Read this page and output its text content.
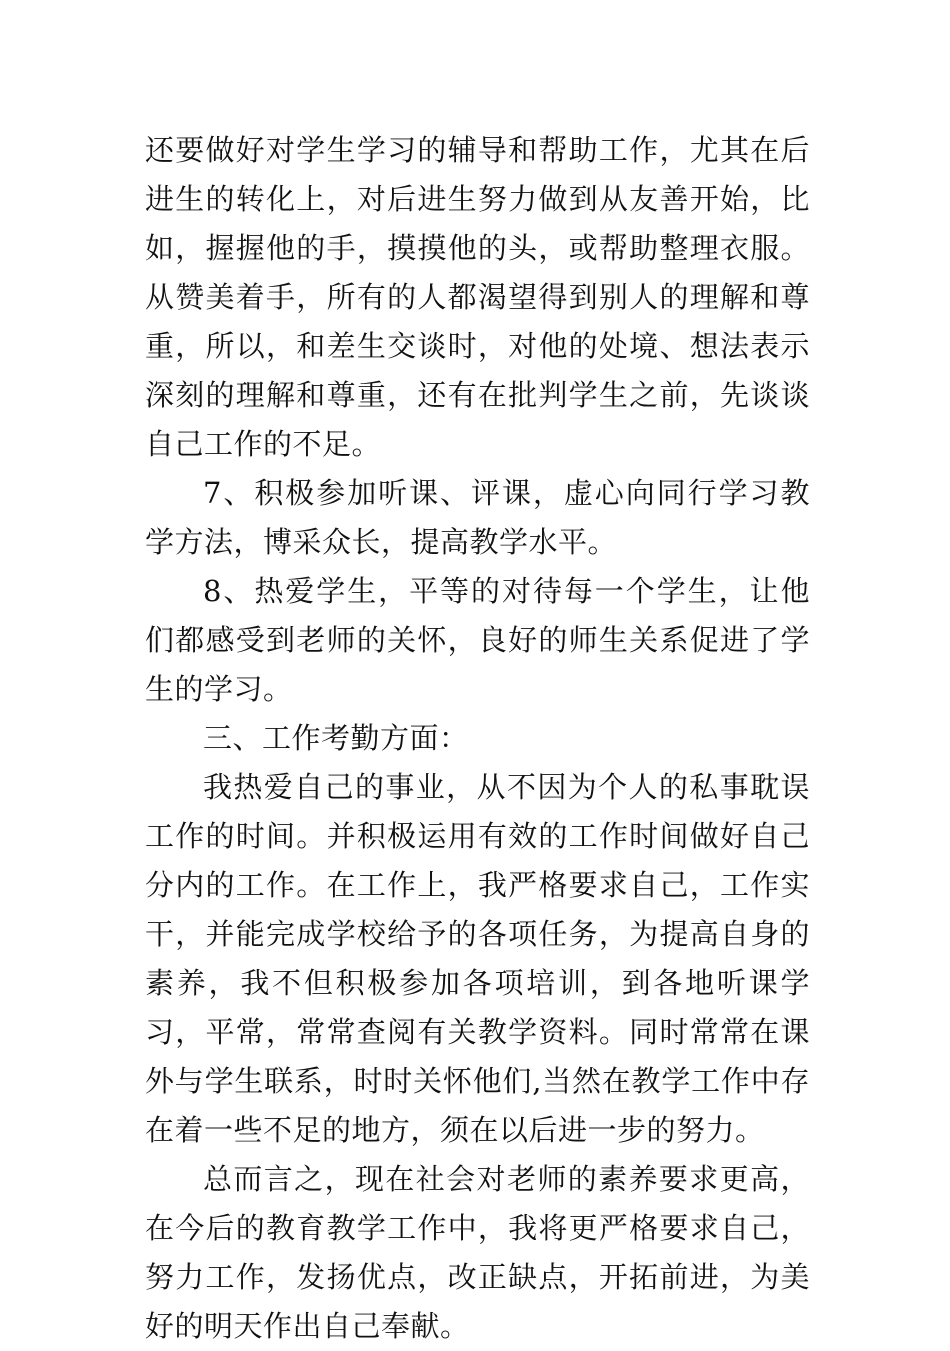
还要做好对学生学习的辅导和帮助工作，尤其在后进生的转化上，对后进生努力做到从友善开始，比如，握握他的手，摸摸他的头，或帮助整理衣服。从赞美着手，所有的人都渴望得到别人的理解和尊重，所以，和差生交谈时，对他的处境、想法表示深刻的理解和尊重，还有在批判学生之前，先谈谈自己工作的不足。

7、积极参加听课、评课，虚心向同行学习教学方法，博采众长，提高教学水平。

8、热爱学生，平等的对待每一个学生，让他们都感受到老师的关怀，良好的师生关系促进了学生的学习。

三、工作考勤方面：

我热爱自己的事业，从不因为个人的私事耽误工作的时间。并积极运用有效的工作时间做好自己分内的工作。在工作上，我严格要求自己，工作实干，并能完成学校给予的各项任务，为提高自身的素养，我不但积极参加各项培训，到各地听课学习，平常，常常查阅有关教学资料。同时常常在课外与学生联系，时时关怀他们,当然在教学工作中存在着一些不足的地方，须在以后进一步的努力。

总而言之，现在社会对老师的素养要求更高，在今后的教育教学工作中，我将更严格要求自己，努力工作，发扬优点，改正缺点，开拓前进，为美好的明天作出自己奉献。
